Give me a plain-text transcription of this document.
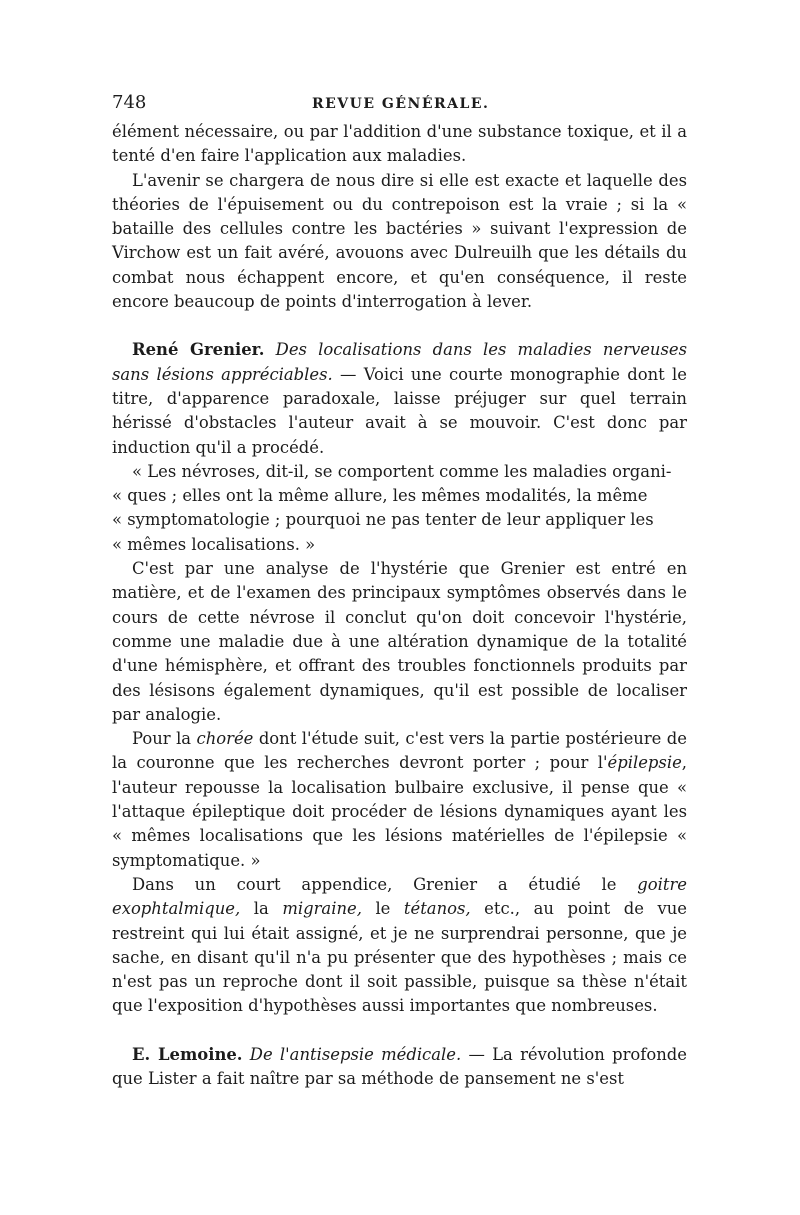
748	REVUE GÉNÉRALE.

élément nécessaire, ou par l'addition d'une substance toxique, et il a tenté d'en faire l'application aux maladies.

L'avenir se chargera de nous dire si elle est exacte et laquelle des théories de l'épuisement ou du contrepoison est la vraie ; si la « bataille des cellules contre les bactéries » suivant l'expression de Virchow est un fait avéré, avouons avec Dulreuilh que les détails du combat nous échappent encore, et qu'en conséquence, il reste encore beaucoup de points d'interrogation à lever.

René Grenier. Des localisations dans les maladies nerveuses sans lésions appréciables. — Voici une courte monographie dont le titre, d'apparence paradoxale, laisse préjuger sur quel terrain hérissé d'obstacles l'auteur avait à se mouvoir. C'est donc par induction qu'il a procédé.

« Les névroses, dit-il, se comportent comme les maladies organi-

« ques ; elles ont la même allure, les mêmes modalités, la même

« symptomatologie ; pourquoi ne pas tenter de leur appliquer les

« mêmes localisations. »

C'est par une analyse de l'hystérie que Grenier est entré en matière, et de l'examen des principaux symptômes observés dans le cours de cette névrose il conclut qu'on doit concevoir l'hystérie, comme une maladie due à une altération dynamique de la totalité d'une hémisphère, et offrant des troubles fonctionnels produits par des lésisons également dynamiques, qu'il est possible de localiser par analogie.

Pour la chorée dont l'étude suit, c'est vers la partie postérieure de la couronne que les recherches devront porter ; pour l'épilepsie, l'auteur repousse la localisation bulbaire exclusive, il pense que « l'attaque épileptique doit procéder de lésions dynamiques ayant les « mêmes localisations que les lésions matérielles de l'épilepsie « symptomatique. »

Dans un court appendice, Grenier a étudié le goitre exophtalmique, la migraine, le tétanos, etc., au point de vue restreint qui lui était assigné, et je ne surprendrai personne, que je sache, en disant qu'il n'a pu présenter que des hypothèses ; mais ce n'est pas un reproche dont il soit passible, puisque sa thèse n'était que l'exposition d'hypothèses aussi importantes que nombreuses.

E. Lemoine. De l'antisepsie médicale. — La révolution profonde que Lister a fait naître par sa méthode de pansement ne s'est
